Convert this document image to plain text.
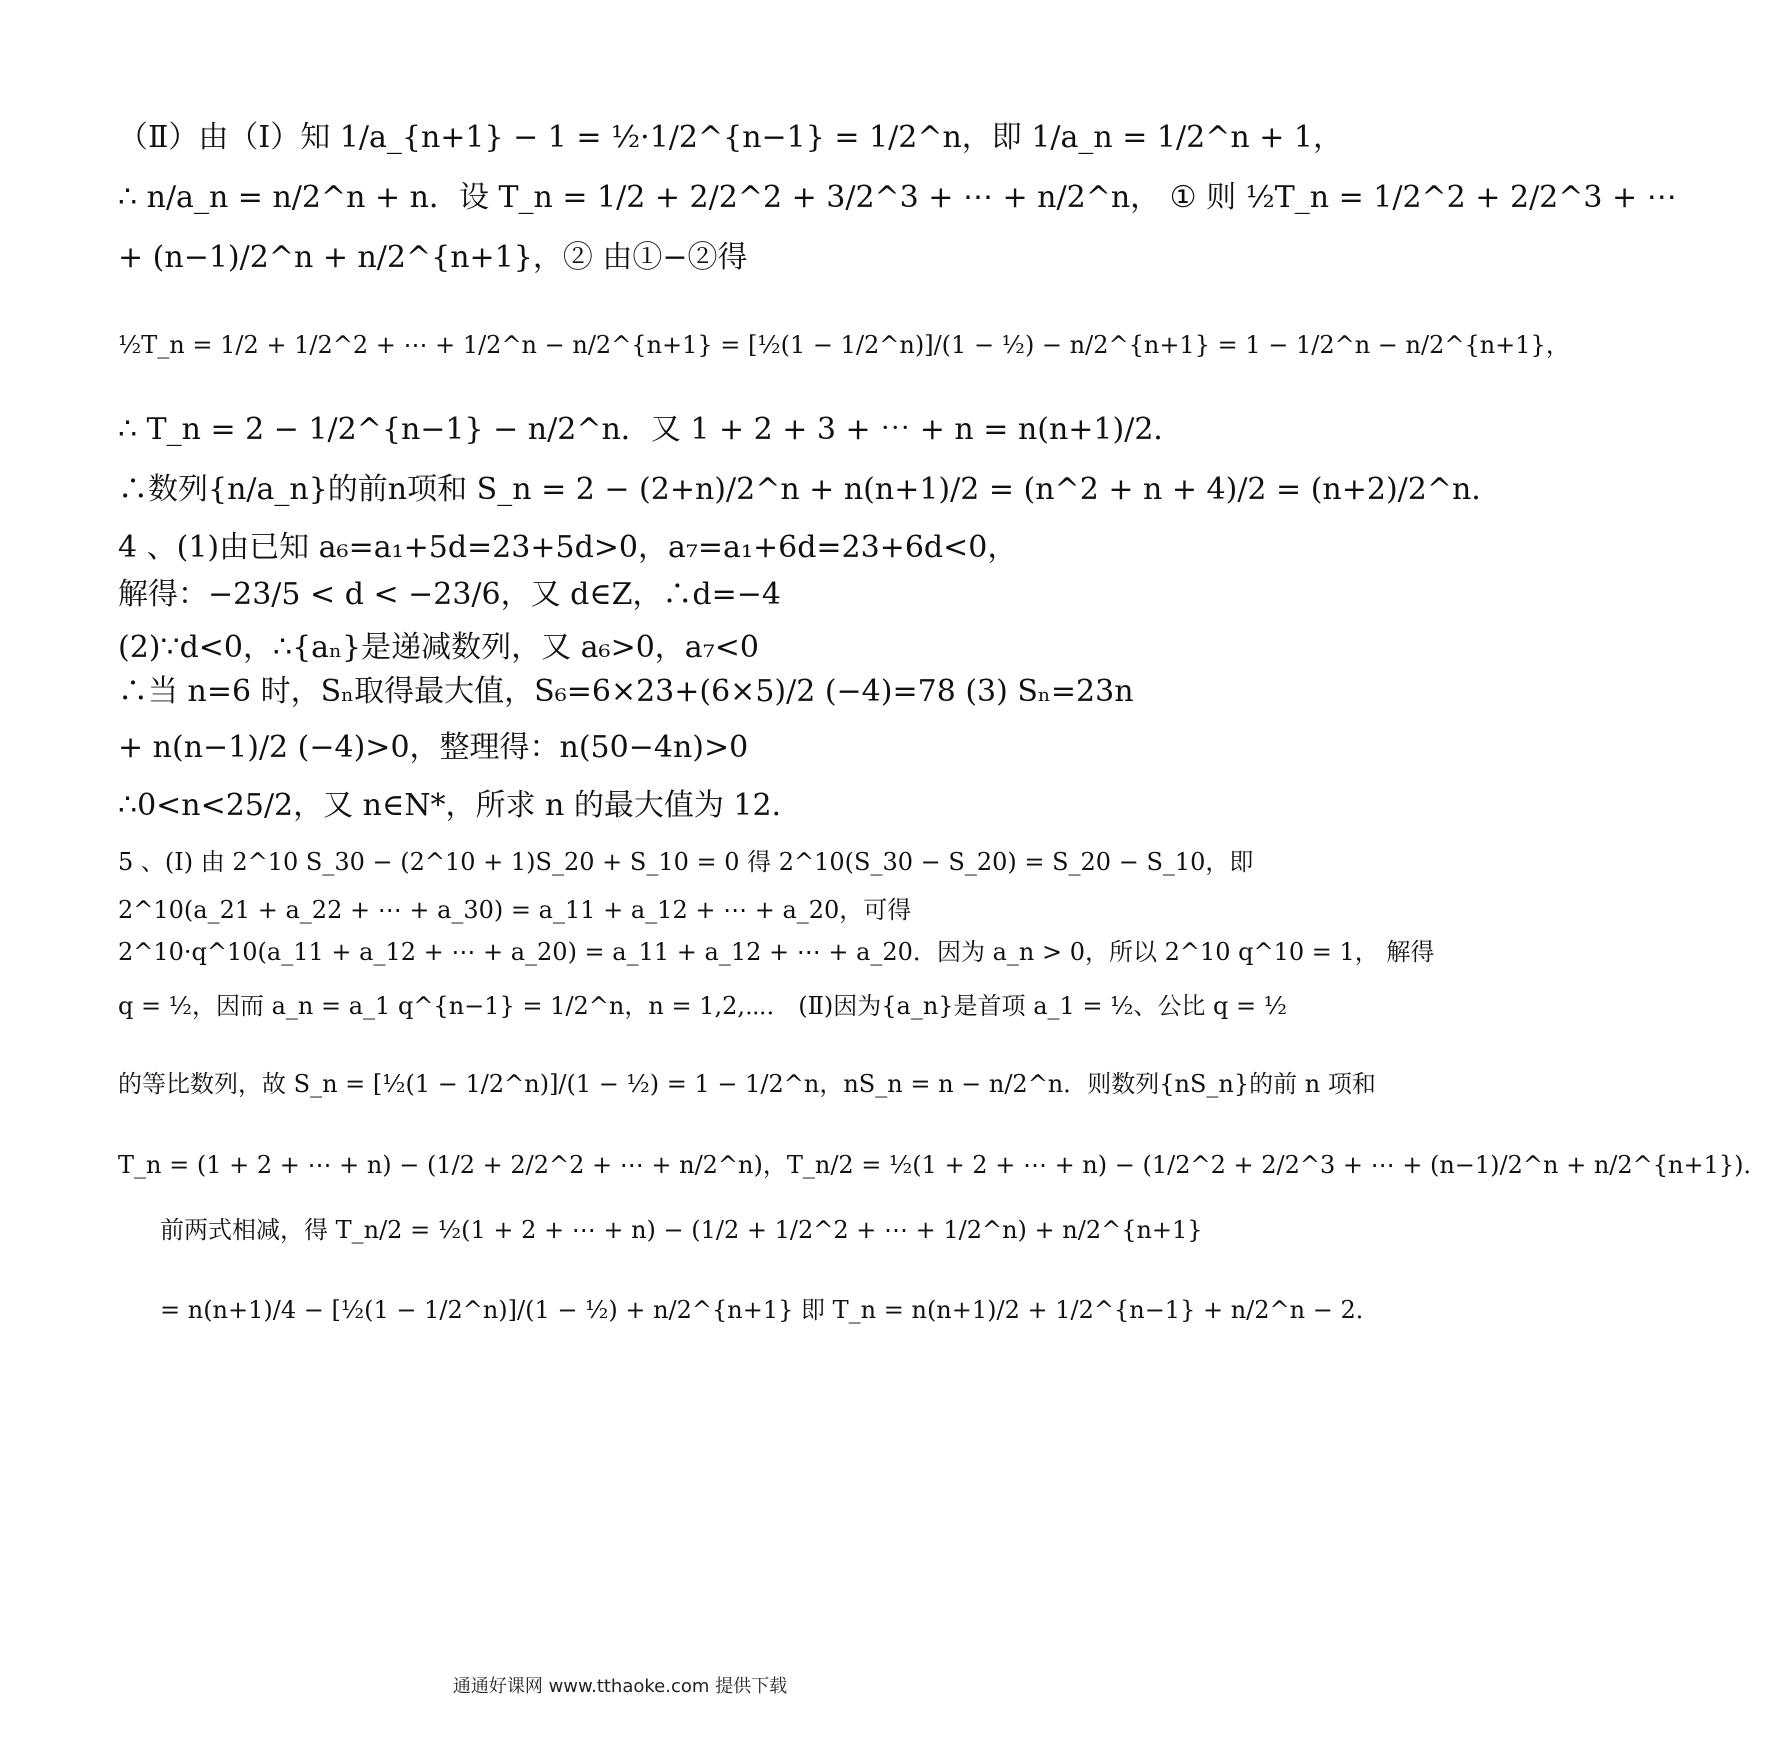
（Ⅱ）由（Ⅰ）知 1/a_{n+1} − 1 = ½·1/2^{n−1} = 1/2^n，即 1/a_n = 1/2^n + 1，
∴ n/a_n = n/2^n + n．设 T_n = 1/2 + 2/2^2 + 3/2^3 + ⋯ + n/2^n， ① 则 ½T_n = 1/2^2 + 2/2^3 + ⋯
+ (n−1)/2^n + n/2^{n+1}，② 由①−②得
½T_n = 1/2 + 1/2^2 + ⋯ + 1/2^n − n/2^{n+1} = [½(1 − 1/2^n)]/(1 − ½) − n/2^{n+1} = 1 − 1/2^n − n/2^{n+1}，
∴ T_n = 2 − 1/2^{n−1} − n/2^n．又 1 + 2 + 3 + ⋯ + n = n(n+1)/2．
∴数列{n/a_n}的前n项和 S_n = 2 − (2+n)/2^n + n(n+1)/2 = (n^2 + n + 4)/2 = (n+2)/2^n．
4 、(1)由已知 a₆=a₁+5d=23+5d>0，a₇=a₁+6d=23+6d<0，
解得：−23/5 < d < −23/6，又 d∈Z，∴d=−4
(2)∵d<0，∴{aₙ}是递减数列，又 a₆>0，a₇<0
∴当 n=6 时，Sₙ取得最大值，S₆=6×23+(6×5)/2 (−4)=78 (3) Sₙ=23n
+ n(n−1)/2 (−4)>0，整理得：n(50−4n)>0
∴0<n<25/2，又 n∈N*，所求 n 的最大值为 12.
5 、(Ⅰ) 由 2^10 S_30 − (2^10 + 1)S_20 + S_10 = 0 得 2^10(S_30 − S_20) = S_20 − S_10，即
2^10(a_21 + a_22 + ⋯ + a_30) = a_11 + a_12 + ⋯ + a_20，可得
2^10·q^10(a_11 + a_12 + ⋯ + a_20) = a_11 + a_12 + ⋯ + a_20．因为 a_n > 0，所以 2^10 q^10 = 1， 解得
q = ½，因而 a_n = a_1 q^{n−1} = 1/2^n，n = 1,2,⋯． (Ⅱ)因为{a_n}是首项 a_1 = ½、公比 q = ½
的等比数列，故 S_n = [½(1 − 1/2^n)]/(1 − ½) = 1 − 1/2^n，nS_n = n − n/2^n．则数列{nS_n}的前 n 项和
T_n = (1 + 2 + ⋯ + n) − (1/2 + 2/2^2 + ⋯ + n/2^n)，T_n/2 = ½(1 + 2 + ⋯ + n) − (1/2^2 + 2/2^3 + ⋯ + (n−1)/2^n + n/2^{n+1})．
前两式相减，得 T_n/2 = ½(1 + 2 + ⋯ + n) − (1/2 + 1/2^2 + ⋯ + 1/2^n) + n/2^{n+1}
= n(n+1)/4 − [½(1 − 1/2^n)]/(1 − ½) + n/2^{n+1} 即 T_n = n(n+1)/2 + 1/2^{n−1} + n/2^n − 2．
通通好课网 www.tthaoke.com 提供下载
